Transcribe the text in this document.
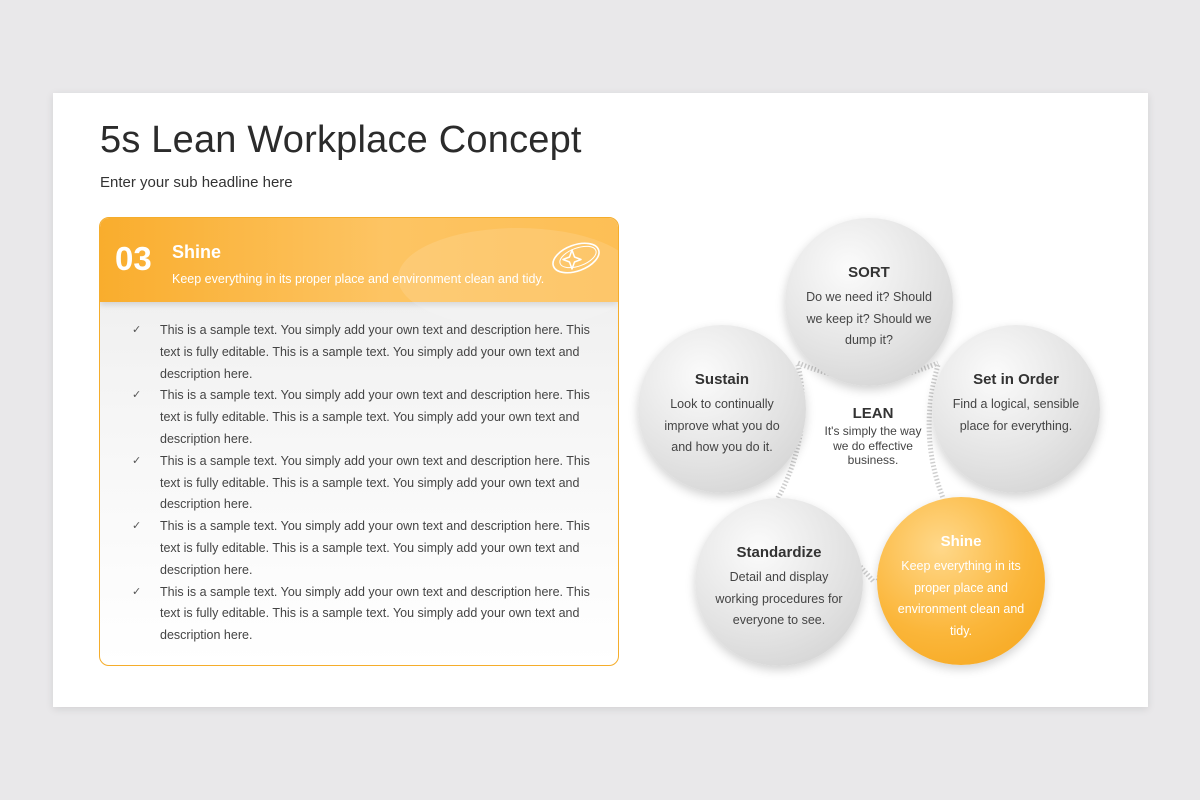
5s Lean Workplace Concept
Enter your sub headline here
03 Shine
Keep everything in its proper place and environment clean and tidy.
✓ This is a sample text. You simply add your own text and description here. This text is fully editable. This is a sample text. You simply add your own text and description here.
✓ This is a sample text. You simply add your own text and description here. This text is fully editable. This is a sample text. You simply add your own text and description here.
✓ This is a sample text. You simply add your own text and description here. This text is fully editable. This is a sample text. You simply add your own text and description here.
✓ This is a sample text. You simply add your own text and description here. This text is fully editable. This is a sample text. You simply add your own text and description here.
✓ This is a sample text. You simply add your own text and description here. This text is fully editable. This is a sample text. You simply add your own text and description here.
SORT
Do we need it? Should we keep it? Should we dump it?
Set in Order
Find a logical, sensible place for everything.
Shine
Keep everything in its proper place and environment clean and tidy.
Standardize
Detail and display working procedures for everyone to see.
Sustain
Look to continually improve what you do and how you do it.
LEAN
It's simply the way we do effective business.
